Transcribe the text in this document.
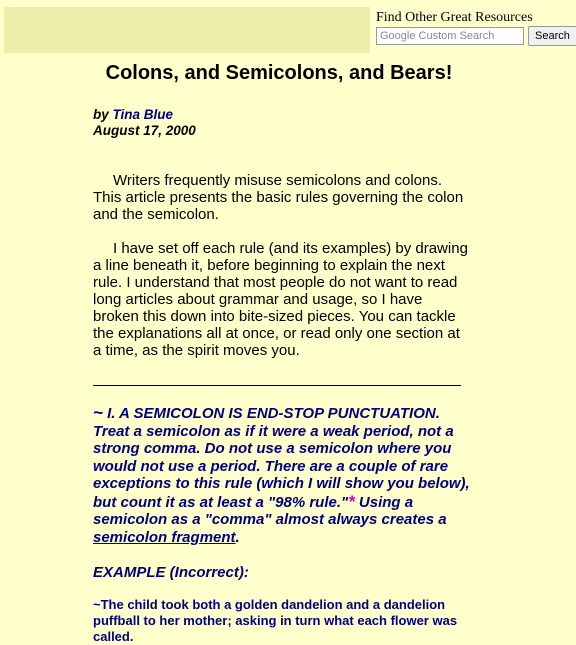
Find Other Great Resources
Google Custom Search
Search
Colons, and Semicolons, and Bears!
by Tina Blue
August 17, 2000

Writers frequently misuse semicolons and colons. This article presents the basic rules governing the colon and the semicolon.

I have set off each rule (and its examples) by drawing a line beneath it, before beginning to explain the next rule. I understand that most people do not want to read long articles about grammar and usage, so I have broken this down into bite-sized pieces. You can tackle the explanations all at once, or read only one section at a time, as the spirit moves you.

~ I. A SEMICOLON IS END-STOP PUNCTUATION. Treat a semicolon as if it were a weak period, not a strong comma. Do not use a semicolon where you would not use a period. There are a couple of rare exceptions to this rule (which I will show you below), but count it as at least a "98% rule."* Using a semicolon as a "comma" almost always creates a semicolon fragment.

EXAMPLE (Incorrect):

~The child took both a golden dandelion and a dandelion puffball to her mother; asking in turn what each flower was called.
